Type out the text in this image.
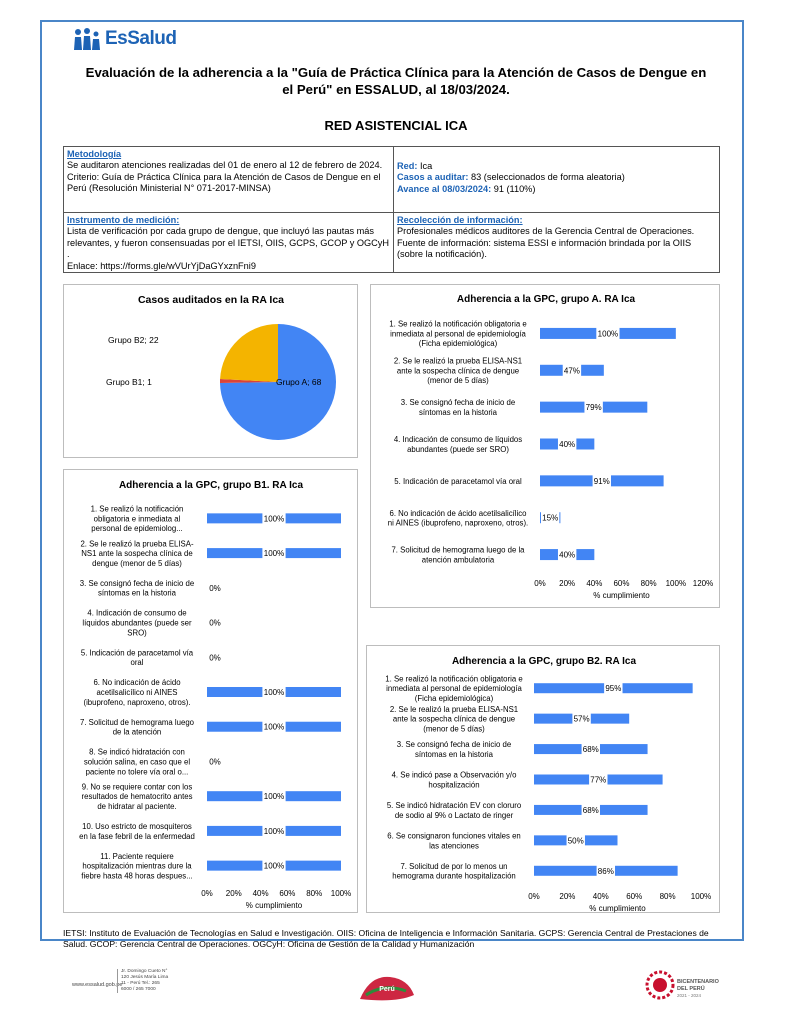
EsSalud
Evaluación de la adherencia a la "Guía de Práctica Clínica para la Atención de Casos de Dengue en
el Perú" en ESSALUD, al 18/03/2024.
RED ASISTENCIAL ICA
Metodología
Se auditaron atenciones realizadas del 01 de enero al 12 de febrero de 2024.
Criterio: Guía de Práctica Clínica para la Atención de Casos de Dengue en el Perú (Resolución Ministerial N° 071-2017-MINSA)
Red: Ica
Casos a auditar: 83 (seleccionados de forma aleatoria)
Avance al 08/03/2024: 91 (110%)
Instrumento de medición:
Lista de verificación por cada grupo de dengue, que incluyó las pautas más relevantes, y fueron consensuadas por el IETSI, OIIS, GCPS, GCOP y OGCyH .
Enlace: https://forms.gle/wVUrYjDaGYxznFni9
Recolección de información:
Profesionales médicos auditores de la Gerencia Central de Operaciones. Fuente de información: sistema ESSI e información brindada por la OIIS (sobre la notificación).
Casos auditados en la RA Ica
Grupo A; 68
Grupo B1; 1
Grupo B2; 22
Adherencia a la GPC, grupo A. RA Ica
0% 20% 40% 60% 80% 100% 120%
% cumplimiento
100%
1. Se realizó la notificación obligatoria e
inmediata al personal de epidemiología
(Ficha epidemiológica)
47%
2. Se le realizó la prueba ELISA-NS1
ante la sospecha clínica de dengue
(menor de 5 días)
79%
3. Se consignó fecha de inicio de
síntomas en la historia
40%
4. Indicación de consumo de líquidos
abundantes (puede ser SRO)
91%
5. Indicación de paracetamol vía oral
15%
6. No indicación de ácido acetilsalicílico
ni AINES (ibuprofeno, naproxeno, otros).
40%
7. Solicitud de hemograma luego de la
atención ambulatoria
Adherencia a la GPC, grupo B1. RA Ica
0% 20% 40% 60% 80% 100%
% cumplimiento
100%
1. Se realizó la notificación
obligatoria e inmediata al
personal de epidemiolog...
100%
2. Se le realizó la prueba ELISA-
NS1 ante la sospecha clínica de
dengue (menor de 5 días)
0%
3. Se consignó fecha de inicio de
síntomas en la historia
0%
4. Indicación de consumo de
líquidos abundantes (puede ser
SRO)
0%
5. Indicación de paracetamol vía
oral
100%
6. No indicación de ácido
acetilsalicílico ni AINES
(ibuprofeno, naproxeno, otros).
100%
7. Solicitud de hemograma luego
de la atención
0%
8. Se indicó hidratación con
solución salina, en caso que el
paciente no tolere vía oral o...
100%
9. No se requiere contar con los
resultados de hematocrito antes
de hidratar al paciente.
100%
10. Uso estricto de mosquiteros
en la fase febril de la enfermedad
100%
11. Paciente requiere
hospitalización mientras dure la
fiebre hasta 48 horas despues...
Adherencia a la GPC, grupo B2. RA Ica
0% 20% 40% 60% 80% 100%
% cumplimiento
95%
1. Se realizó la notificación obligatoria e
inmediata al personal de epidemiología
(Ficha epidemiológica)
57%
2. Se le realizó la prueba ELISA-NS1
ante la sospecha clínica de dengue
(menor de 5 días)
68%
3. Se consignó fecha de inicio de
síntomas en la historia
77%
4. Se indicó pase a Observación y/o
hospitalización
68%
5. Se indicó hidratación EV con cloruro
de sodio al 9% o Lactato de ringer
50%
6. Se consignaron funciones vitales en
las atenciones
86%
7. Solicitud de por lo menos un
hemograma durante hospitalización
IETSI: Instituto de Evaluación de Tecnologías en Salud e Investigación. OIIS: Oficina de Inteligencia e Información Sanitaria. GCPS: Gerencia Central de Prestaciones de Salud. GCOP: Gerencia Central de Operaciones. OGCyH: Oficina de Gestión de la Calidad y Humanización
www.essalud.gob.pe
Jr. Domingo Cueto N° 120 Jesús María Lima 11 - Perú Tel.: 265 6000 / 265 7000	Perú
BICENTENARIO
DEL PERÚ
2021 - 2024
